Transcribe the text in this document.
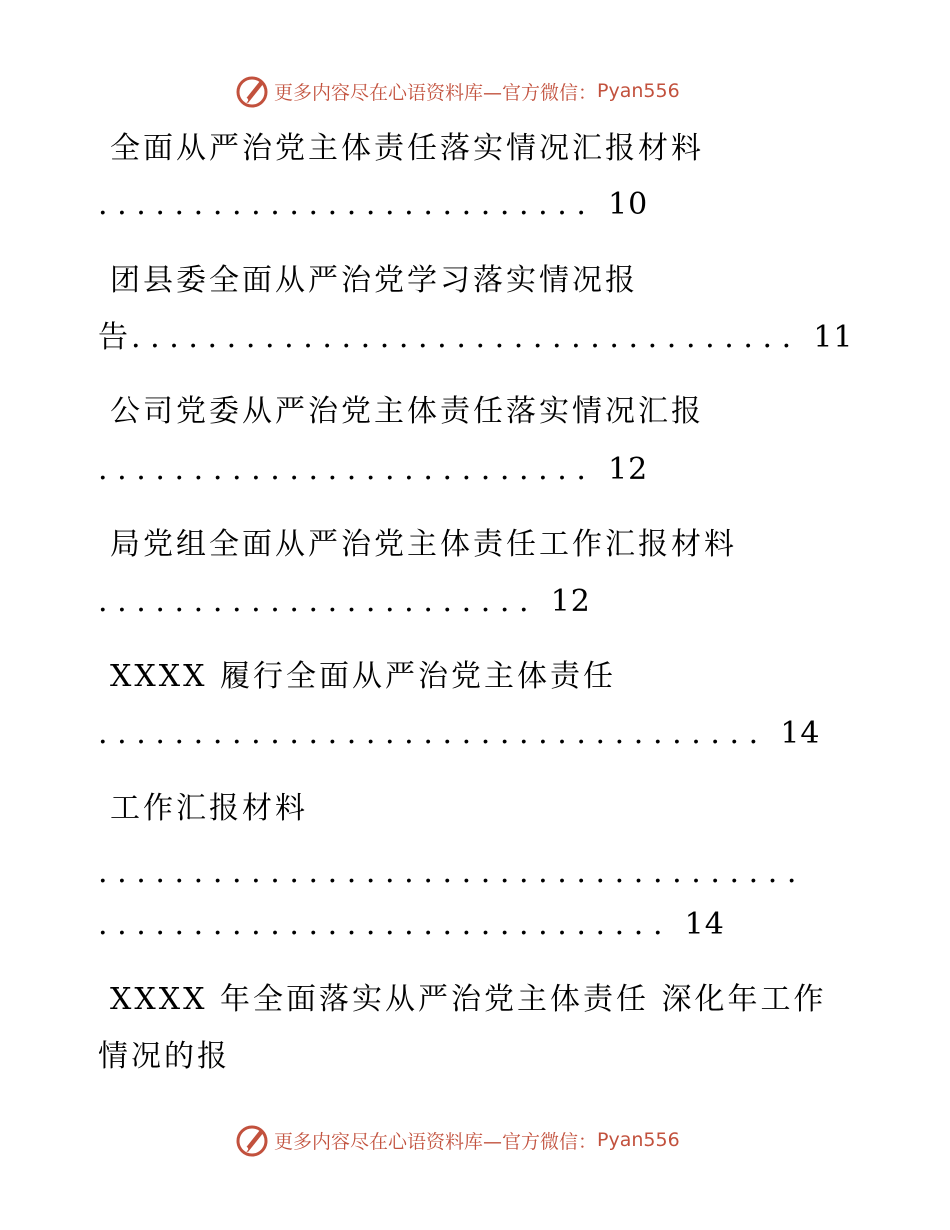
更多内容尽在心语资料库—官方微信： Pyan556
全面从严治党主体责任落实情况汇报材料
.......................... 10
团县委全面从严治党学习落实情况报
告................................... 11
公司党委从严治党主体责任落实情况汇报
.......................... 12
局党组全面从严治党主体责任工作汇报材料
....................... 12
XXXX 履行全面从严治党主体责任
................................... 14
工作汇报材料
.....................................
.............................. 14
XXXX 年全面落实从严治党主体责任 深化年工作
情况的报
更多内容尽在心语资料库—官方微信： Pyan556
